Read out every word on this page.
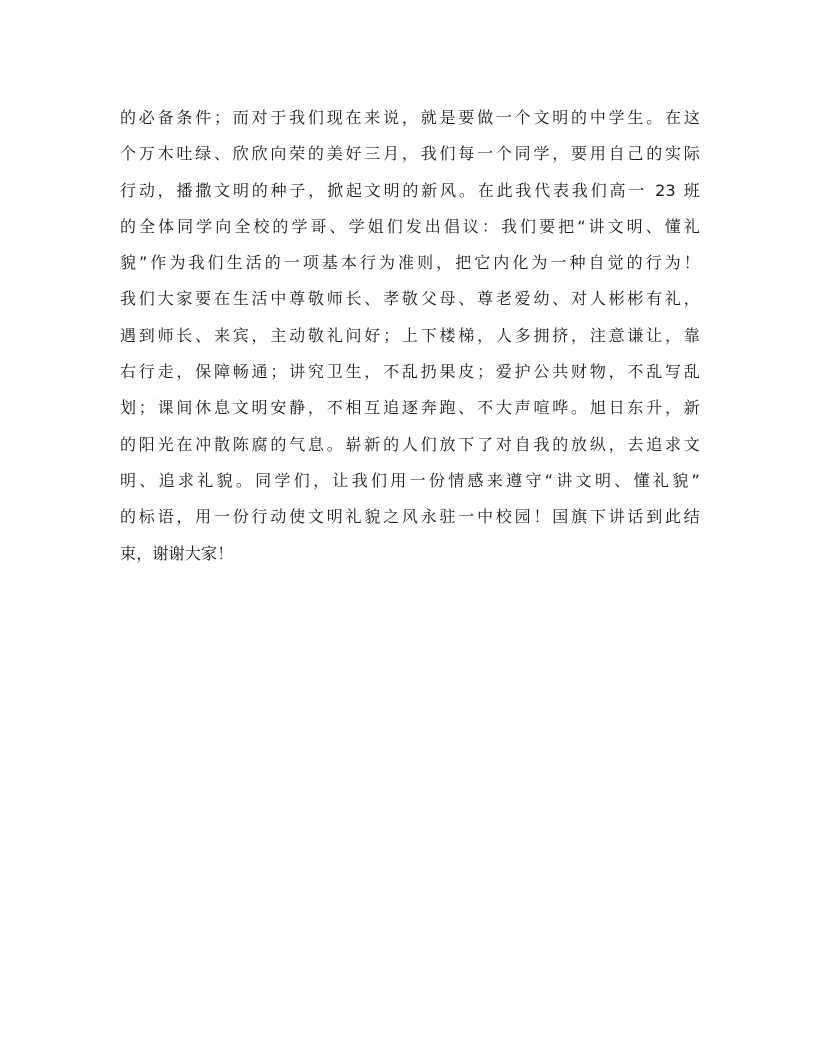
的必备条件；而对于我们现在来说，就是要做一个文明的中学生。在这
个万木吐绿、欣欣向荣的美好三月，我们每一个同学，要用自己的实际
行动，播撒文明的种子，掀起文明的新风。在此我代表我们高一 23 班
的全体同学向全校的学哥、学姐们发出倡议：我们要把“讲文明、懂礼
貌”作为我们生活的一项基本行为准则，把它内化为一种自觉的行为！
我们大家要在生活中尊敬师长、孝敬父母、尊老爱幼、对人彬彬有礼，
遇到师长、来宾，主动敬礼问好；上下楼梯，人多拥挤，注意谦让，靠
右行走，保障畅通；讲究卫生，不乱扔果皮；爱护公共财物，不乱写乱
划；课间休息文明安静，不相互追逐奔跑、不大声喧哗。旭日东升，新
的阳光在冲散陈腐的气息。崭新的人们放下了对自我的放纵，去追求文
明、追求礼貌。同学们，让我们用一份情感来遵守“讲文明、懂礼貌”
的标语，用一份行动使文明礼貌之风永驻一中校园！国旗下讲话到此结
束，谢谢大家！
